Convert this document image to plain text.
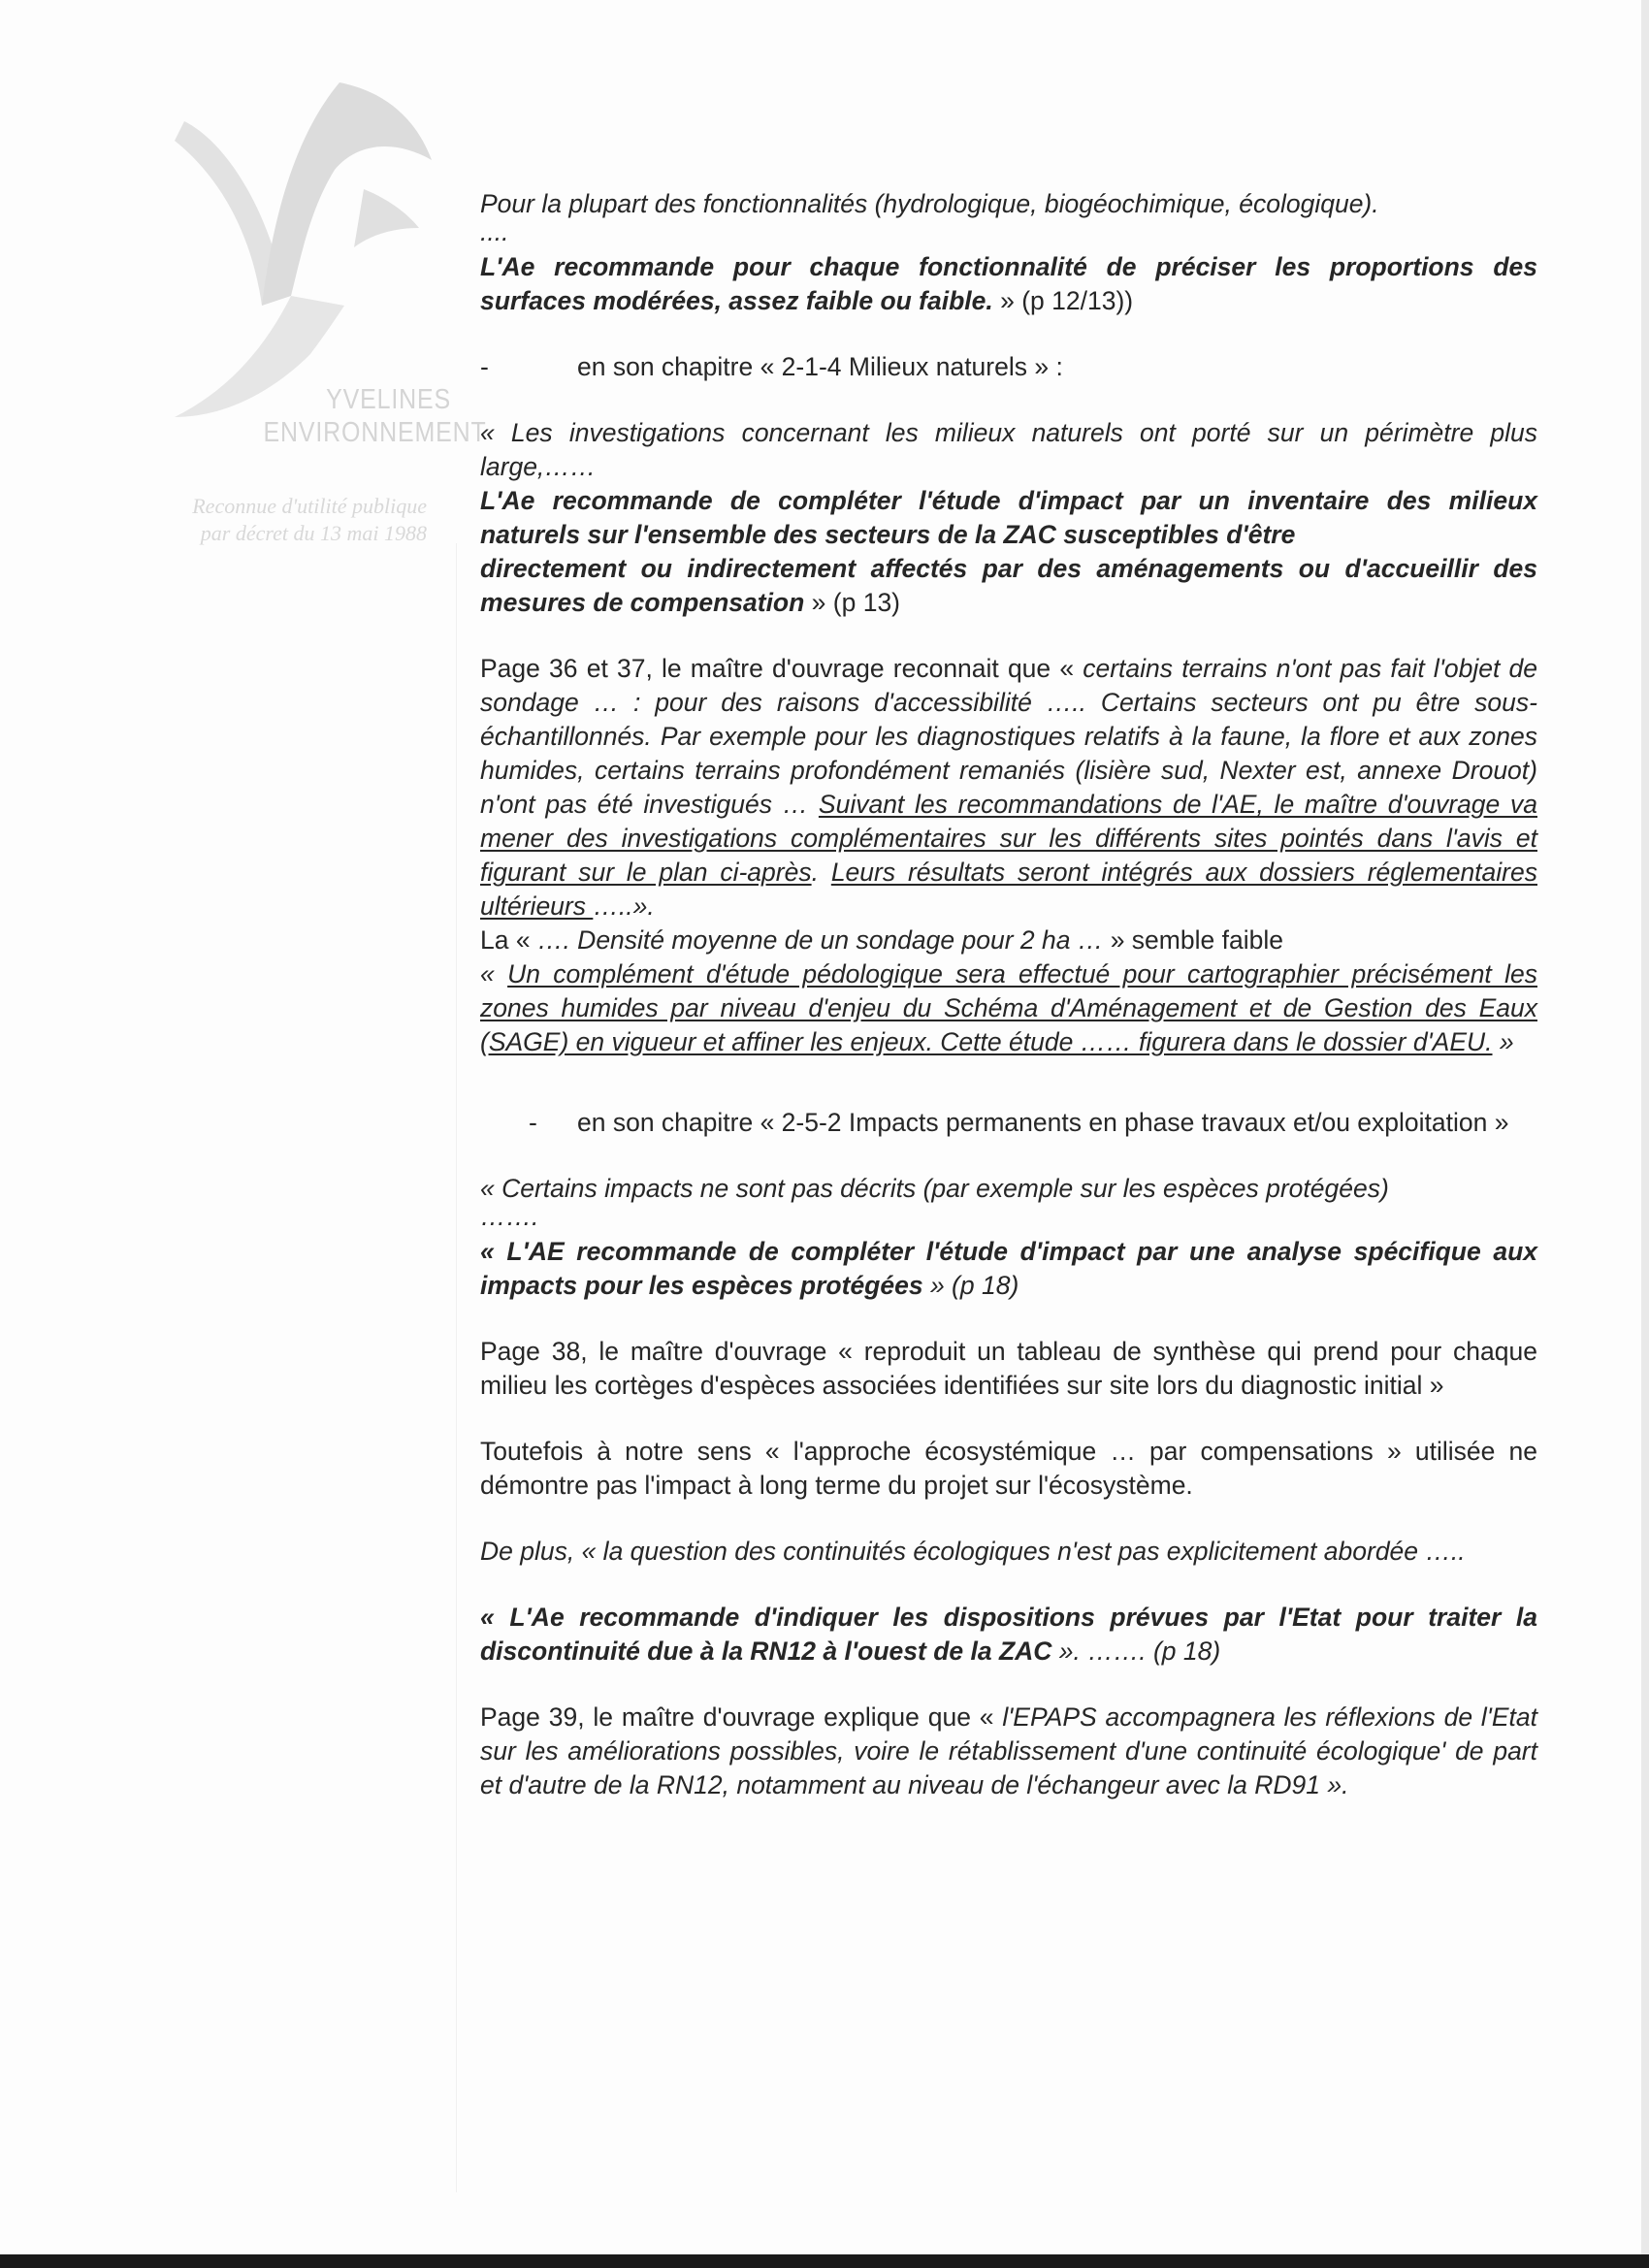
YVELINES
ENVIRONNEMENT
Reconnue d'utilité publique
par décret du 13 mai 1988

Pour la plupart des fonctionnalités (hydrologique, biogéochimique, écologique).

....

L'Ae recommande pour chaque fonctionnalité de préciser les proportions des surfaces modérées, assez faible ou faible. » (p 12/13))

-	en son chapitre « 2-1-4 Milieux naturels » :

« Les investigations concernant les milieux naturels ont porté sur un périmètre plus large,……
L'Ae recommande de compléter l'étude d'impact par un inventaire des milieux naturels sur l'ensemble des secteurs de la ZAC susceptibles d'être
directement ou indirectement affectés par des aménagements ou d'accueillir des mesures de compensation » (p 13)

Page 36 et 37, le maître d'ouvrage reconnait que « certains terrains n'ont pas fait l'objet de sondage … : pour des raisons d'accessibilité ….. Certains secteurs ont pu être sous-échantillonnés. Par exemple pour les diagnostiques relatifs à la faune, la flore et aux zones humides, certains terrains profondément remaniés (lisière sud, Nexter est, annexe Drouot) n'ont pas été investigués … Suivant les recommandations de l'AE, le maître d'ouvrage va mener des investigations complémentaires sur les différents sites pointés dans l'avis et figurant sur le plan ci-après. Leurs résultats seront intégrés aux dossiers réglementaires ultérieurs …..».

La « …. Densité moyenne de un sondage pour 2 ha … » semble faible

« Un complément d'étude pédologique sera effectué pour cartographier précisément les zones humides par niveau d'enjeu du Schéma d'Aménagement et de Gestion des Eaux (SAGE) en vigueur et affiner les enjeux. Cette étude …… figurera dans le dossier d'AEU. »

-	en son chapitre « 2-5-2 Impacts permanents en phase travaux et/ou exploitation »

« Certains impacts ne sont pas décrits (par exemple sur les espèces protégées)

…….

« L'AE recommande de compléter l'étude d'impact par une analyse spécifique aux impacts pour les espèces protégées » (p 18)

Page 38, le maître d'ouvrage « reproduit un tableau de synthèse qui prend pour chaque milieu les cortèges d'espèces associées identifiées sur site lors du diagnostic initial »

Toutefois à notre sens « l'approche écosystémique … par compensations » utilisée ne démontre pas l'impact à long terme du projet sur l'écosystème.

De plus, « la question des continuités écologiques n'est pas explicitement abordée …..

« L'Ae recommande d'indiquer les dispositions prévues par l'Etat pour traiter la discontinuité due à la RN12 à l'ouest de la ZAC ». ……. (p 18)

Page 39, le maître d'ouvrage explique que « l'EPAPS accompagnera les réflexions de l'Etat sur les améliorations possibles, voire le rétablissement d'une continuité écologique' de part et d'autre de la RN12, notamment au niveau de l'échangeur avec la RD91 ».
